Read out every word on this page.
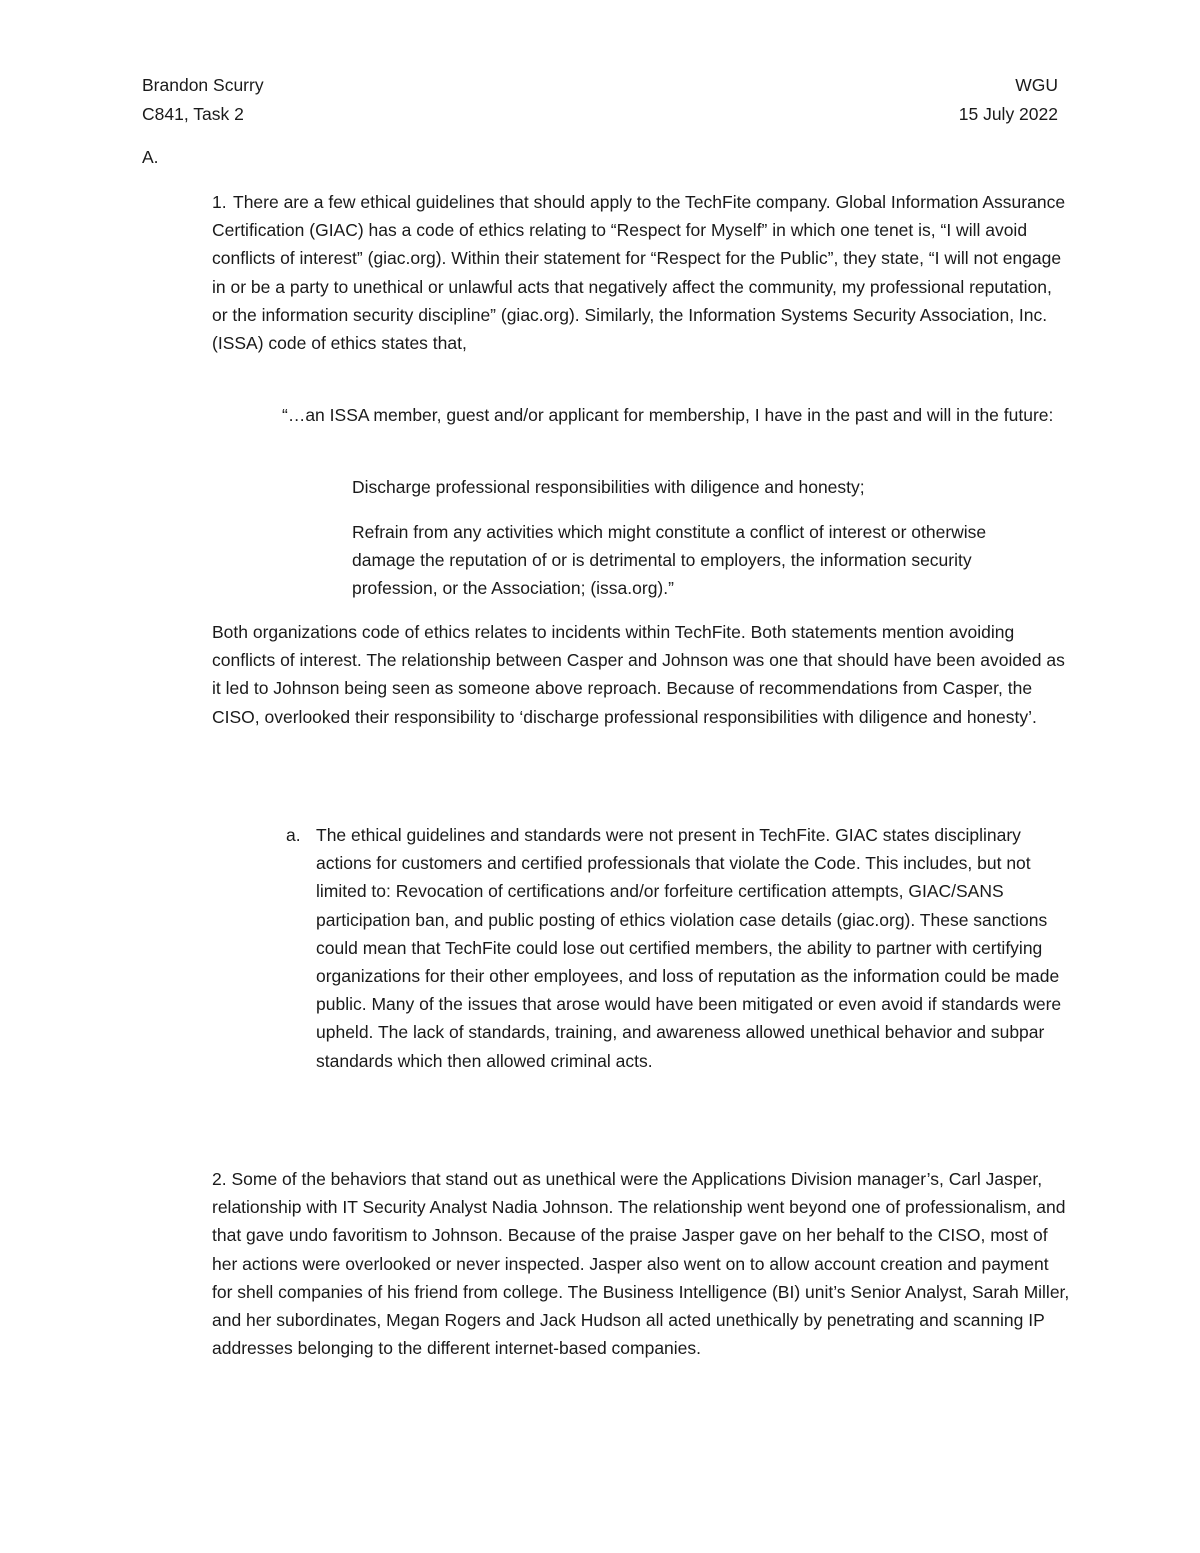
Brandon Scurry	WGU
C841, Task 2	15 July 2022
A.
1. There are a few ethical guidelines that should apply to the TechFite company. Global Information Assurance Certification (GIAC) has a code of ethics relating to “Respect for Myself” in which one tenet is, “I will avoid conflicts of interest” (giac.org). Within their statement for “Respect for the Public”, they state, “I will not engage in or be a party to unethical or unlawful acts that negatively affect the community, my professional reputation, or the information security discipline” (giac.org). Similarly, the Information Systems Security Association, Inc. (ISSA) code of ethics states that,

“…an ISSA member, guest and/or applicant for membership, I have in the past and will in the future:

Discharge professional responsibilities with diligence and honesty;

Refrain from any activities which might constitute a conflict of interest or otherwise damage the reputation of or is detrimental to employers, the information security profession, or the Association; (issa.org).”

Both organizations code of ethics relates to incidents within TechFite. Both statements mention avoiding conflicts of interest. The relationship between Casper and Johnson was one that should have been avoided as it led to Johnson being seen as someone above reproach. Because of recommendations from Casper, the CISO, overlooked their responsibility to ‘discharge professional responsibilities with diligence and honesty’.

a. The ethical guidelines and standards were not present in TechFite. GIAC states disciplinary actions for customers and certified professionals that violate the Code. This includes, but not limited to: Revocation of certifications and/or forfeiture certification attempts, GIAC/SANS participation ban, and public posting of ethics violation case details (giac.org). These sanctions could mean that TechFite could lose out certified members, the ability to partner with certifying organizations for their other employees, and loss of reputation as the information could be made public. Many of the issues that arose would have been mitigated or even avoid if standards were upheld. The lack of standards, training, and awareness allowed unethical behavior and subpar standards which then allowed criminal acts.

2. Some of the behaviors that stand out as unethical were the Applications Division manager’s, Carl Jasper, relationship with IT Security Analyst Nadia Johnson. The relationship went beyond one of professionalism, and that gave undo favoritism to Johnson. Because of the praise Jasper gave on her behalf to the CISO, most of her actions were overlooked or never inspected. Jasper also went on to allow account creation and payment for shell companies of his friend from college. The Business Intelligence (BI) unit’s Senior Analyst, Sarah Miller, and her subordinates, Megan Rogers and Jack Hudson all acted unethically by penetrating and scanning IP addresses belonging to the different internet-based companies.
